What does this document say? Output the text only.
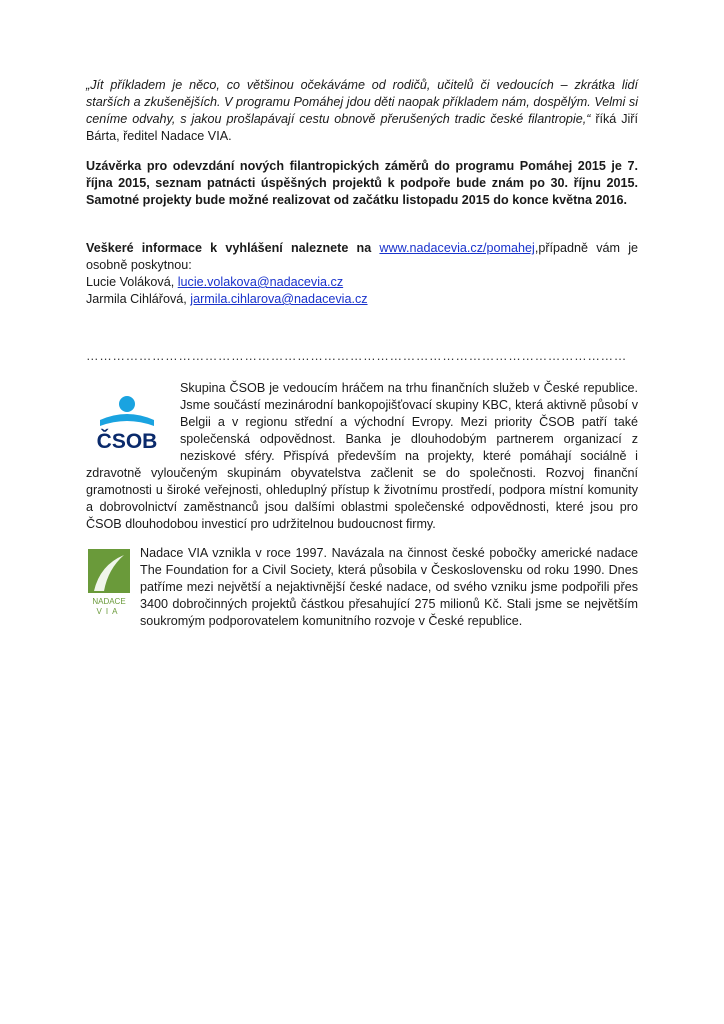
„Jít příkladem je něco, co většinou očekáváme od rodičů, učitelů či vedoucích – zkrátka lidí starších a zkušenějších. V programu Pomáhej jdou děti naopak příkladem nám, dospělým. Velmi si ceníme odvahy, s jakou prošlapávají cestu obnově přerušených tradic české filantropie,“ říká Jiří Bárta, ředitel Nadace VIA.

Uzávěrka pro odevzdání nových filantropických záměrů do programu Pomáhej 2015 je 7. října 2015, seznam patnácti úspěšných projektů k podpoře bude znám po 30. říjnu 2015. Samotné projekty bude možné realizovat od začátku listopadu 2015 do konce května 2016.

Veškeré informace k vyhlášení naleznete na www.nadacevia.cz/pomahej,případně vám je osobně poskytnou:
Lucie Voláková, lucie.volakova@nadacevia.cz
Jarmila Cihlářová, jarmila.cihlarova@nadacevia.cz
……………………………………………………………………………………………………………
ČSOB
Skupina ČSOB je vedoucím hráčem na trhu finančních služeb v České republice. Jsme součástí mezinárodní bankopojišťovací skupiny KBC, která aktivně působí v Belgii a v regionu střední a východní Evropy. Mezi priority ČSOB patří také společenská odpovědnost. Banka je dlouhodobým partnerem organizací z neziskové sféry. Přispívá především na projekty, které pomáhají sociálně i zdravotně vyloučeným skupinám obyvatelstva začlenit se do společnosti. Rozvoj finanční gramotnosti u široké veřejnosti, ohleduplný přístup k životnímu prostředí, podpora místní komunity a dobrovolnictví zaměstnanců jsou dalšími oblastmi společenské odpovědnosti, které jsou pro ČSOB dlouhodobou investicí pro udržitelnou budoucnost firmy.
NADACE
VIA
Nadace VIA vznikla v roce 1997. Navázala na činnost české pobočky americké nadace The Foundation for a Civil Society, která působila v Československu od roku 1990. Dnes patříme mezi největší a nejaktivnější české nadace, od svého vzniku jsme podpořili přes 3400 dobročinných projektů částkou přesahující 275 milionů Kč. Stali jsme se největším soukromým podporovatelem komunitního rozvoje v České republice.
